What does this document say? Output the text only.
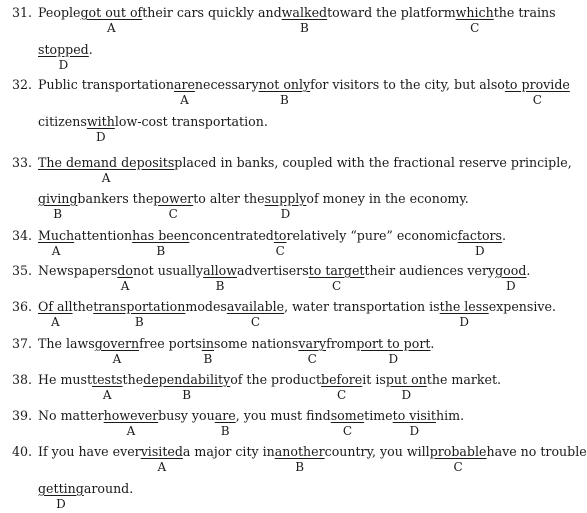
31. Peoplegot out of
A
their cars quickly andwalked
B
toward the platformwhich
C
the trains
stopped
D
.
32. Public transportationare
A
necessarynot only
B
for visitors to the city, but alsoto provide
C
citizenswith
D
low-cost transportation.
33. The demand deposits
A
placed in banks, coupled with the fractional reserve principle,
giving
B
bankers thepower
C
to alter thesupply
D
of money in the economy.
34. Much
A
attentionhas been
B
concentratedto
C
relatively “pure” economicfactors
D
.
35. Newspapersdo
A
not usuallyallow
B
advertisersto target
C
their audiences verygood
D
.
36. Of all
A
thetransportation
B
modesavailable
C
, water transportation isthe less
D
expensive.
37. The lawsgovern
A
free portsin
B
some nationsvary
C
fromport to port
D
.
38. He musttests
A
thedependability
B
of the productbefore
C
it isput on
D
the market.
39. No matterhowever
A
busy youare
B
, you must findsome
C
timeto visit
D
him.
40. If you have evervisited
A
a major city inanother
B
country, you willprobable
C
have no trouble
getting
D
around.
